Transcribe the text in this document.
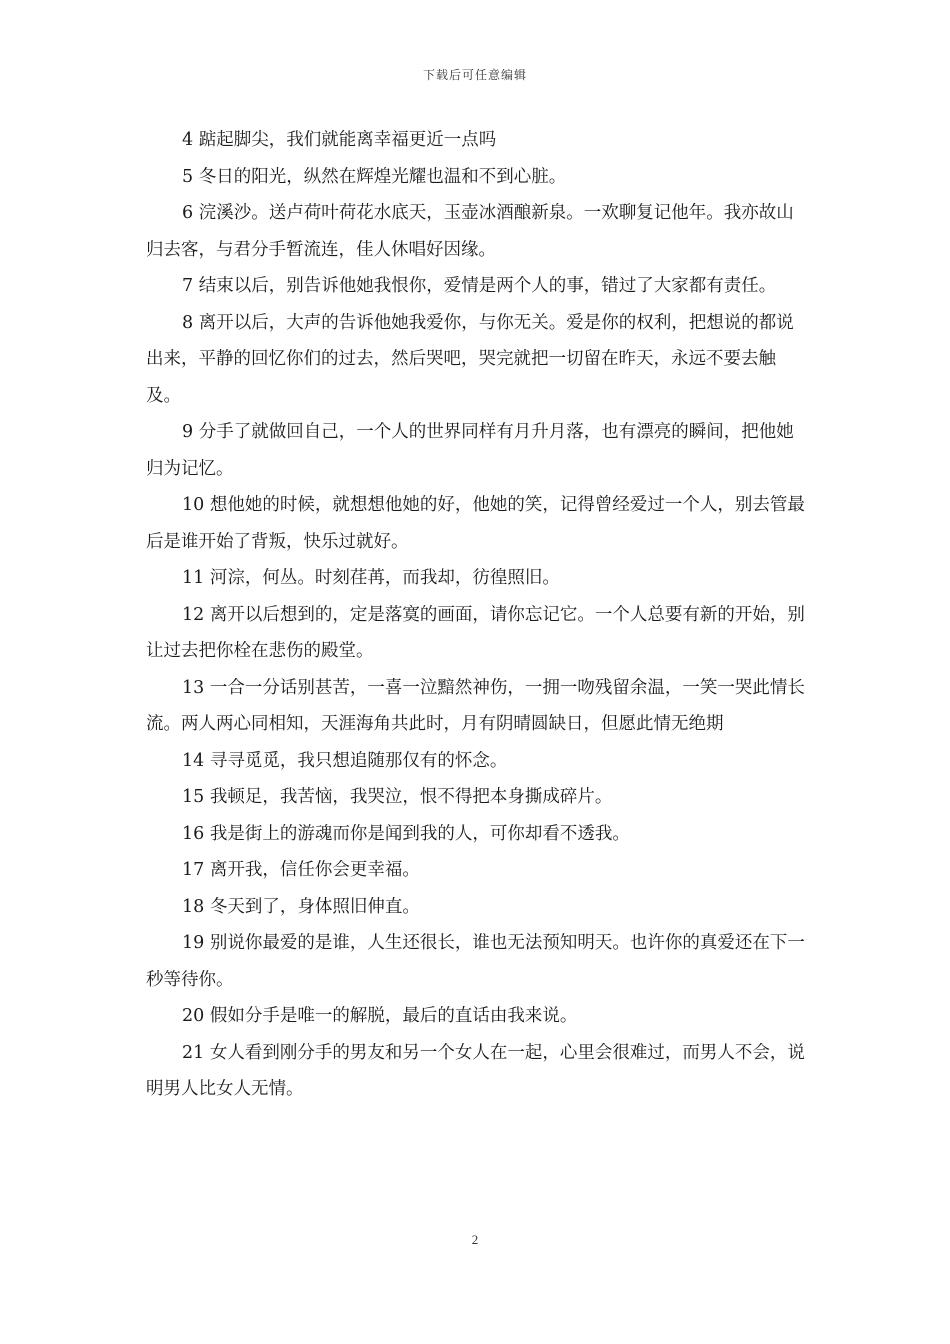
下载后可任意编辑

4 踮起脚尖，我们就能离幸福更近一点吗

5 冬日的阳光，纵然在辉煌光耀也温和不到心脏。

6 浣溪沙。送卢荷叶荷花水底天，玉壶冰酒酿新泉。一欢聊复记他年。我亦故山归去客，与君分手暂流连，佳人休唱好因缘。

7 结束以后，别告诉他她我恨你，爱情是两个人的事，错过了大家都有责任。

8 离开以后，大声的告诉他她我爱你，与你无关。爱是你的权利，把想说的都说出来，平静的回忆你们的过去，然后哭吧，哭完就把一切留在昨天，永远不要去触及。

9 分手了就做回自己，一个人的世界同样有月升月落，也有漂亮的瞬间，把他她归为记忆。

10 想他她的时候，就想想他她的好，他她的笑，记得曾经爱过一个人，别去管最后是谁开始了背叛，快乐过就好。

11 河淙，何丛。时刻荏苒，而我却，彷徨照旧。

12 离开以后想到的，定是落寞的画面，请你忘记它。一个人总要有新的开始，别让过去把你栓在悲伤的殿堂。

13 一合一分话别甚苦，一喜一泣黯然神伤，一拥一吻残留余温，一笑一哭此情长流。两人两心同相知，天涯海角共此时，月有阴晴圆缺日，但愿此情无绝期

14 寻寻觅觅，我只想追随那仅有的怀念。

15 我顿足，我苦恼，我哭泣，恨不得把本身撕成碎片。

16 我是街上的游魂而你是闻到我的人，可你却看不透我。

17 离开我，信任你会更幸福。

18 冬天到了，身体照旧伸直。

19 别说你最爱的是谁，人生还很长，谁也无法预知明天。也许你的真爱还在下一秒等待你。

20 假如分手是唯一的解脱，最后的直话由我来说。

21 女人看到刚分手的男友和另一个女人在一起，心里会很难过，而男人不会，说明男人比女人无情。

2
